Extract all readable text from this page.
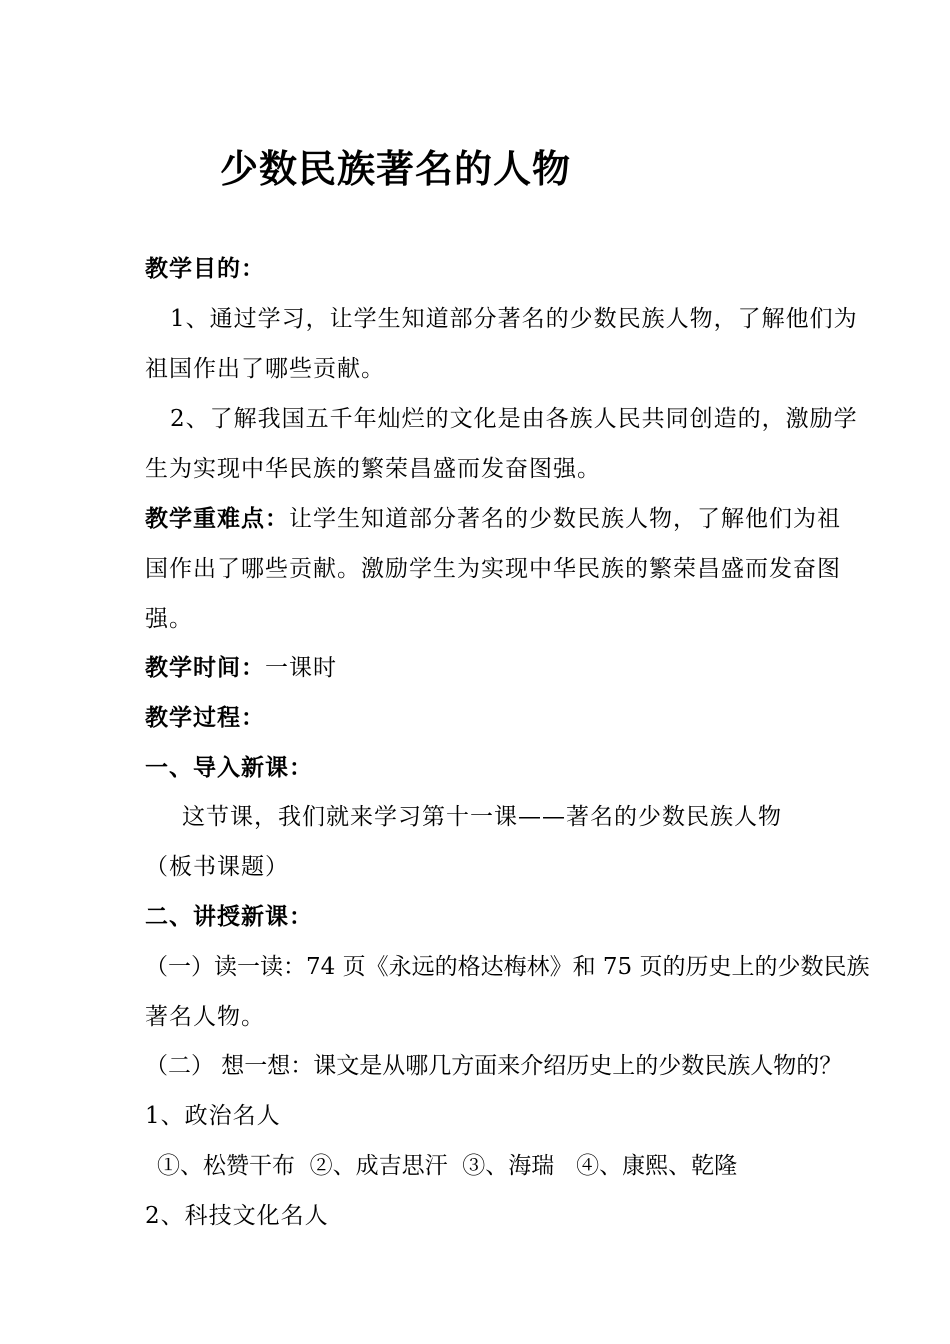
少数民族著名的人物
教学目的：
1、通过学习，让学生知道部分著名的少数民族人物，了解他们为
祖国作出了哪些贡献。
2、了解我国五千年灿烂的文化是由各族人民共同创造的，激励学
生为实现中华民族的繁荣昌盛而发奋图强。
教学重难点：让学生知道部分著名的少数民族人物，了解他们为祖
国作出了哪些贡献。激励学生为实现中华民族的繁荣昌盛而发奋图
强。
教学时间：一课时
教学过程：
一、导入新课：
这节课，我们就来学习第十一课——著名的少数民族人物
（板书课题）
二、讲授新课：
（一）读一读：74 页《永远的格达梅林》和 75 页的历史上的少数民族
著名人物。
（二） 想一想：课文是从哪几方面来介绍历史上的少数民族人物的？
1、政治名人
①、松赞干布  ②、成吉思汗  ③、海瑞   ④、康熙、乾隆
2、科技文化名人
